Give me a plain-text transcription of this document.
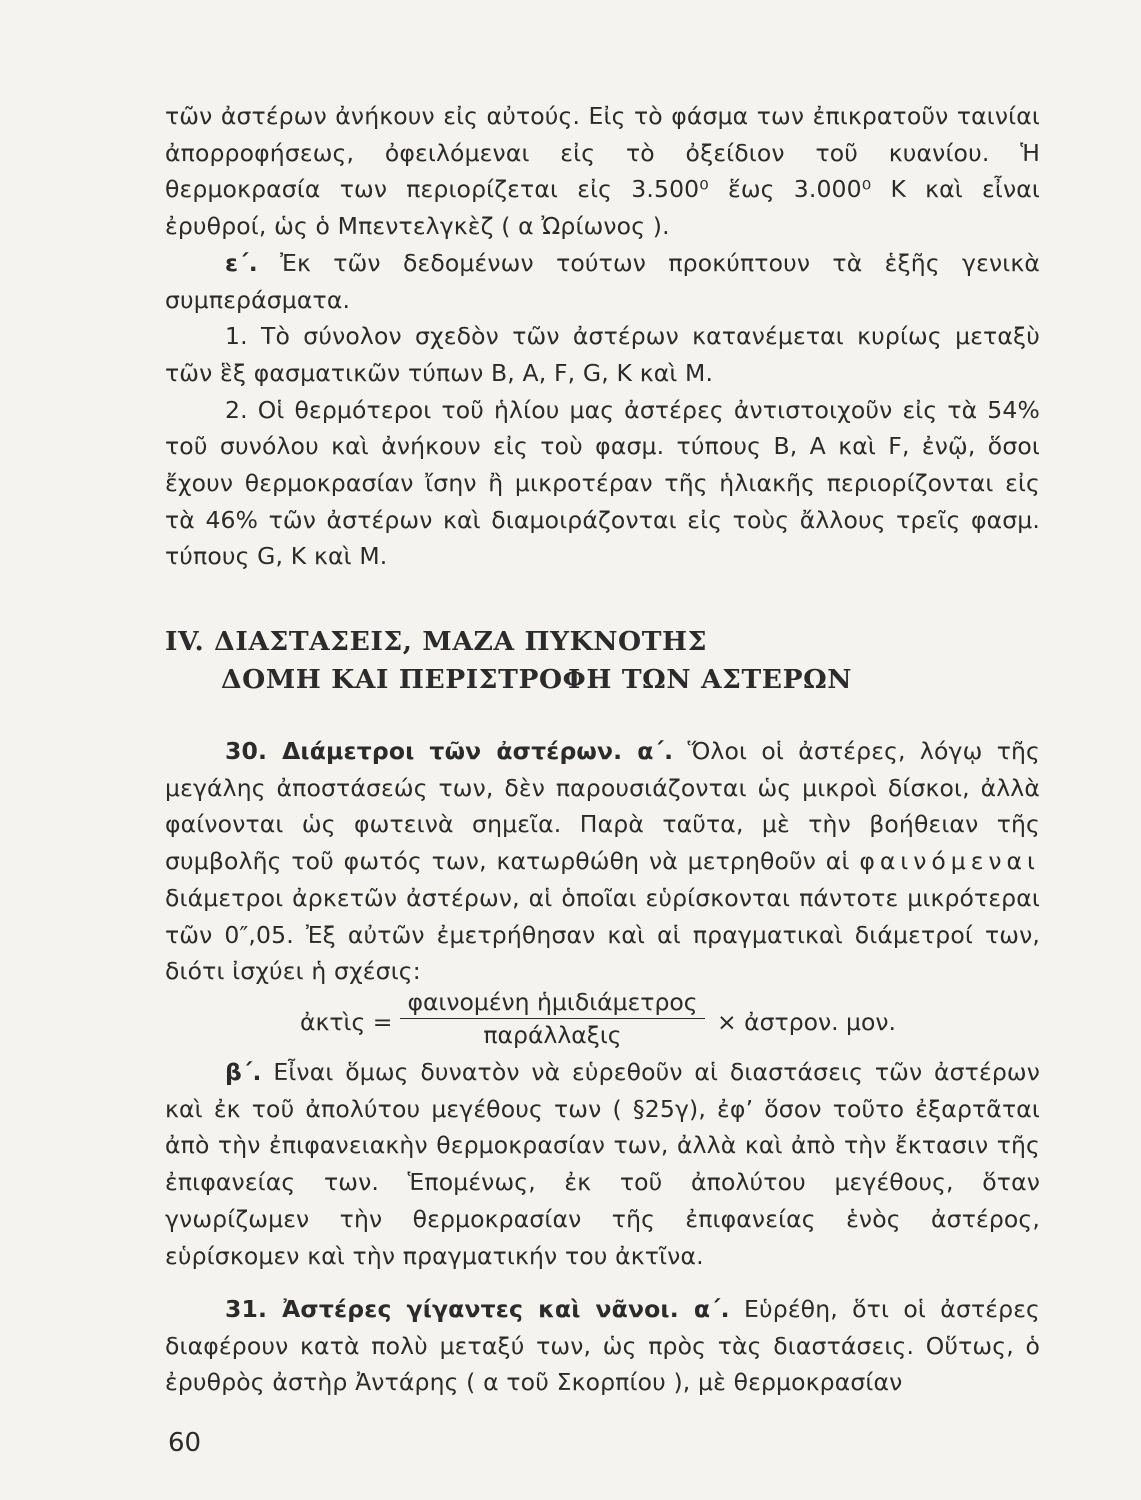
τῶν ἀστέρων ἀνήκουν εἰς αὐτούς. Εἰς τὸ φάσμα των ἐπικρατοῦν ταινίαι ἀπορροφήσεως, ὀφειλόμεναι εἰς τὸ ὀξείδιον τοῦ κυανίου. Ἡ θερμοκρασία των περιορίζεται εἰς 3.500⁰ ἕως 3.000⁰ Κ καὶ εἶναι ἐρυθροί, ὡς ὁ Μπεντελγκὲζ ( α Ὠρίωνος ).

ε΄. Ἐκ τῶν δεδομένων τούτων προκύπτουν τὰ ἑξῆς γενικὰ συμπεράσματα.

1. Τὸ σύνολον σχεδὸν τῶν ἀστέρων κατανέμεται κυρίως μεταξὺ τῶν ἓξ φασματικῶν τύπων B, A, F, G, K καὶ M.

2. Οἱ θερμότεροι τοῦ ἡλίου μας ἀστέρες ἀντιστοιχοῦν εἰς τὰ 54% τοῦ συνόλου καὶ ἀνήκουν εἰς τοὺ φασμ. τύπους B, A καὶ F, ἐνῷ, ὅσοι ἔχουν θερμοκρασίαν ἴσην ἢ μικροτέραν τῆς ἡλιακῆς περιορίζονται εἰς τὰ 46% τῶν ἀστέρων καὶ διαμοιράζονται εἰς τοὺς ἄλλους τρεῖς φασμ. τύπους G, K καὶ M.

IV. ΔΙΑΣΤΑΣΕΙΣ, ΜΑΖΑ ΠΥΚΝΟΤΗΣ
ΔΟΜΗ ΚΑΙ ΠΕΡΙΣΤΡΟΦΗ ΤΩΝ ΑΣΤΕΡΩΝ

30. Διάμετροι τῶν ἀστέρων. α΄. Ὅλοι οἱ ἀστέρες, λόγῳ τῆς μεγάλης ἀποστάσεώς των, δὲν παρουσιάζονται ὡς μικροὶ δίσκοι, ἀλλὰ φαίνονται ὡς φωτεινὰ σημεῖα. Παρὰ ταῦτα, μὲ τὴν βοήθειαν τῆς συμβολῆς τοῦ φωτός των, κατωρθώθη νὰ μετρηθοῦν αἱ φαινόμεναι διάμετροι ἀρκετῶν ἀστέρων, αἱ ὁποῖαι εὑρίσκονται πάντοτε μικρότεραι τῶν 0″,05. Ἐξ αὐτῶν ἐμετρήθησαν καὶ αἱ πραγματικαὶ διάμετροί των, διότι ἰσχύει ἡ σχέσις:

ἀκτὶς =
φαινομένη ἡμιδιάμετρος
παράλλαξις	× ἀστρον. μον.

β΄. Εἶναι ὅμως δυνατὸν νὰ εὑρεθοῦν αἱ διαστάσεις τῶν ἀστέρων καὶ ἐκ τοῦ ἀπολύτου μεγέθους των ( §25γ), ἐφ’ ὅσον τοῦτο ἐξαρτᾶται ἀπὸ τὴν ἐπιφανειακὴν θερμοκρασίαν των, ἀλλὰ καὶ ἀπὸ τὴν ἔκτασιν τῆς ἐπιφανείας των. Ἑπομένως, ἐκ τοῦ ἀπολύτου μεγέθους, ὅταν γνωρίζωμεν τὴν θερμοκρασίαν τῆς ἐπιφανείας ἑνὸς ἀστέρος, εὑρίσκομεν καὶ τὴν πραγματικήν του ἀκτῖνα.

31. Ἀστέρες γίγαντες καὶ νᾶνοι. α΄. Εὑρέθη, ὅτι οἱ ἀστέρες διαφέρουν κατὰ πολὺ μεταξύ των, ὡς πρὸς τὰς διαστάσεις. Οὕτως, ὁ ἐρυθρὸς ἀστὴρ Ἀντάρης ( α τοῦ Σκορπίου ), μὲ θερμοκρασίαν

60
